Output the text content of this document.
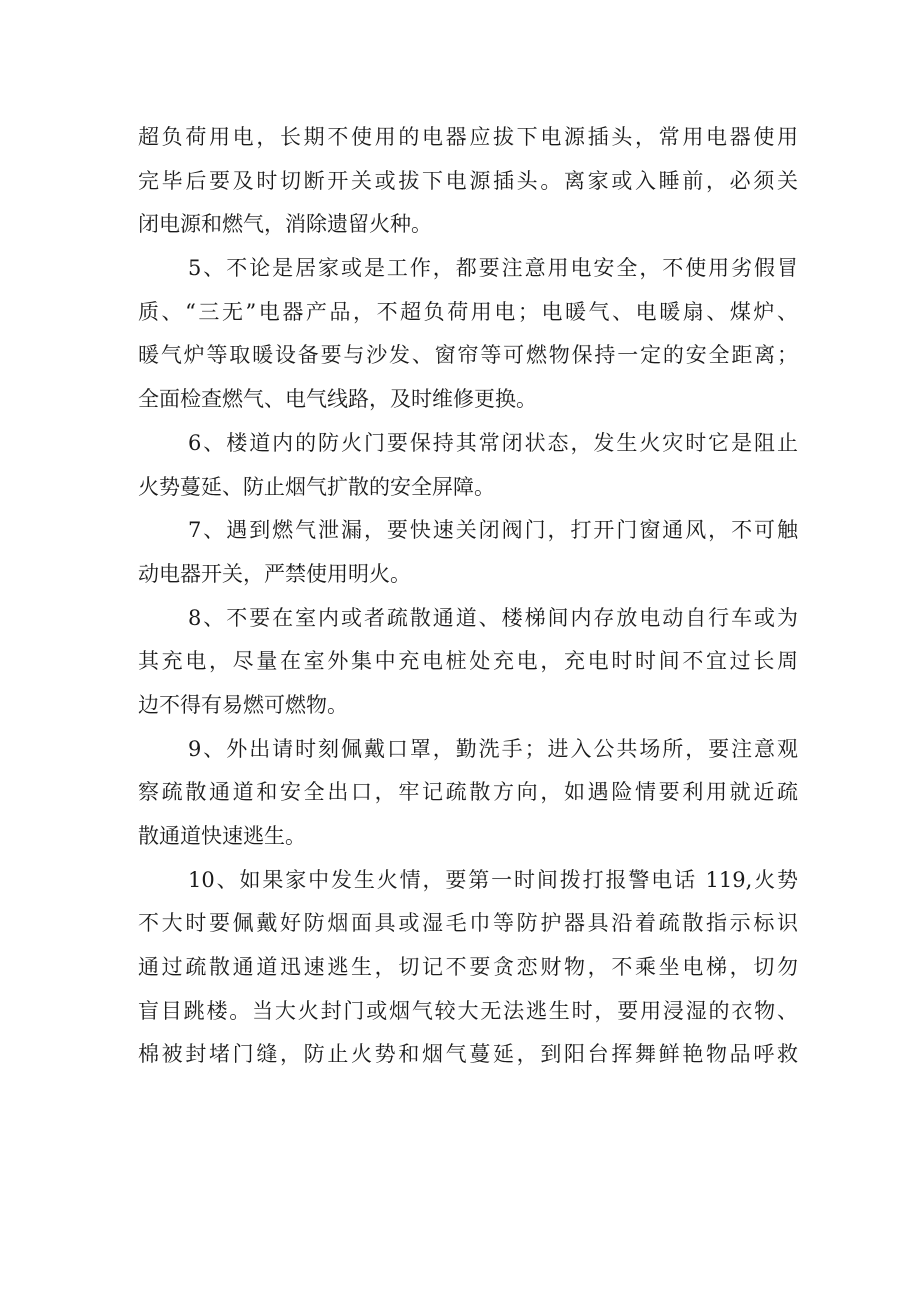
超负荷用电，长期不使用的电器应拔下电源插头，常用电器使用
完毕后要及时切断开关或拔下电源插头。离家或入睡前，必须关
闭电源和燃气，消除遗留火种。
5、不论是居家或是工作，都要注意用电安全，不使用劣假冒
质、“三无”电器产品，不超负荷用电；电暖气、电暖扇、煤炉、
暖气炉等取暖设备要与沙发、窗帘等可燃物保持一定的安全距离；
全面检查燃气、电气线路，及时维修更换。
6、楼道内的防火门要保持其常闭状态，发生火灾时它是阻止
火势蔓延、防止烟气扩散的安全屏障。
7、遇到燃气泄漏，要快速关闭阀门，打开门窗通风，不可触
动电器开关，严禁使用明火。
8、不要在室内或者疏散通道、楼梯间内存放电动自行车或为
其充电，尽量在室外集中充电桩处充电，充电时时间不宜过长周
边不得有易燃可燃物。
9、外出请时刻佩戴口罩，勤洗手；进入公共场所，要注意观
察疏散通道和安全出口，牢记疏散方向，如遇险情要利用就近疏
散通道快速逃生。
10、如果家中发生火情，要第一时间拨打报警电话 119,火势
不大时要佩戴好防烟面具或湿毛巾等防护器具沿着疏散指示标识
通过疏散通道迅速逃生，切记不要贪恋财物，不乘坐电梯，切勿
盲目跳楼。当大火封门或烟气较大无法逃生时，要用浸湿的衣物、
棉被封堵门缝，防止火势和烟气蔓延，到阳台挥舞鲜艳物品呼救
